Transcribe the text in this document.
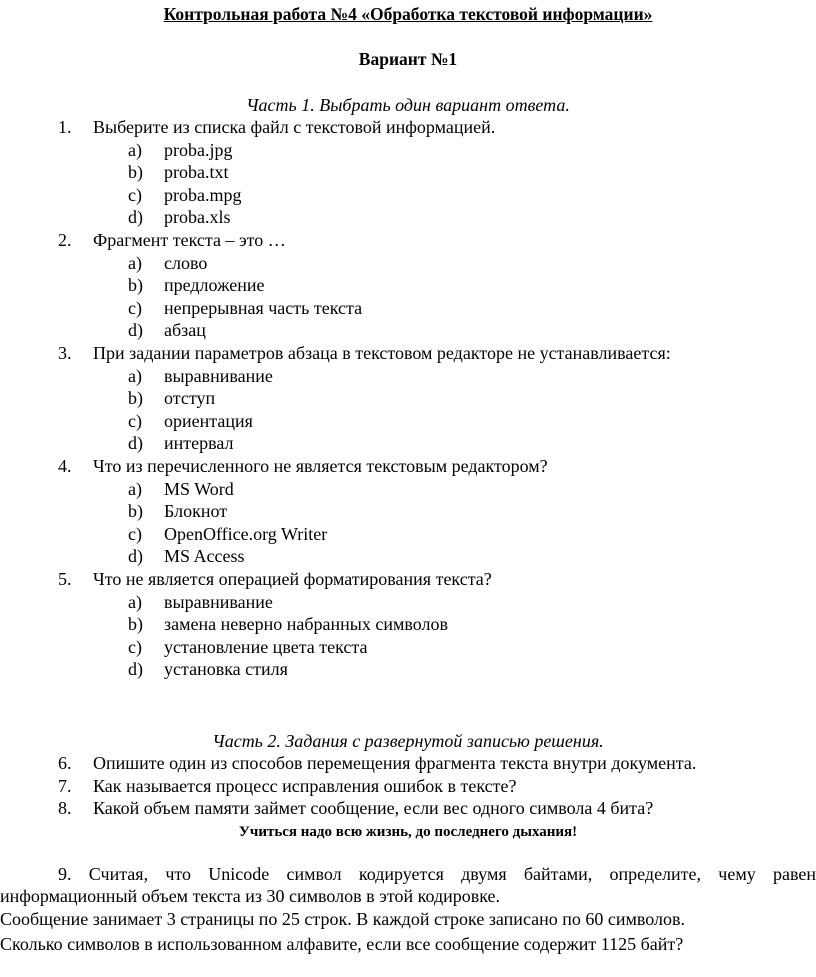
Контрольная работа №4 «Обработка текстовой информации»
Вариант №1
Часть 1. Выбрать один вариант ответа.
1. Выберите из списка файл с текстовой информацией.
a) proba.jpg
b) proba.txt
c) proba.mpg
d) proba.xls
2. Фрагмент текста – это …
a) слово
b) предложение
c) непрерывная часть текста
d) абзац
3. При задании параметров абзаца в текстовом редакторе не устанавливается:
a) выравнивание
b) отступ
c) ориентация
d) интервал
4. Что из перечисленного не является текстовым редактором?
a) MS Word
b) Блокнот
c) OpenOffice.org Writer
d) MS Access
5. Что не является операцией форматирования текста?
a) выравнивание
b) замена неверно набранных символов
c) установление цвета текста
d) установка стиля
Часть 2. Задания с развернутой записью решения.
6. Опишите один из способов перемещения фрагмента текста внутри документа.
7. Как называется процесс исправления ошибок в тексте?
8. Какой объем памяти займет сообщение, если вес одного символа 4 бита?
Учиться надо всю жизнь, до последнего дыхания!
9. Считая, что Unicode символ кодируется двумя байтами, определите, чему равен
информационный объем текста из 30 символов в этой кодировке.
Сообщение занимает 3 страницы по 25 строк. В каждой строке записано по 60 символов.
Сколько символов в использованном алфавите, если все сообщение содержит 1125 байт?
